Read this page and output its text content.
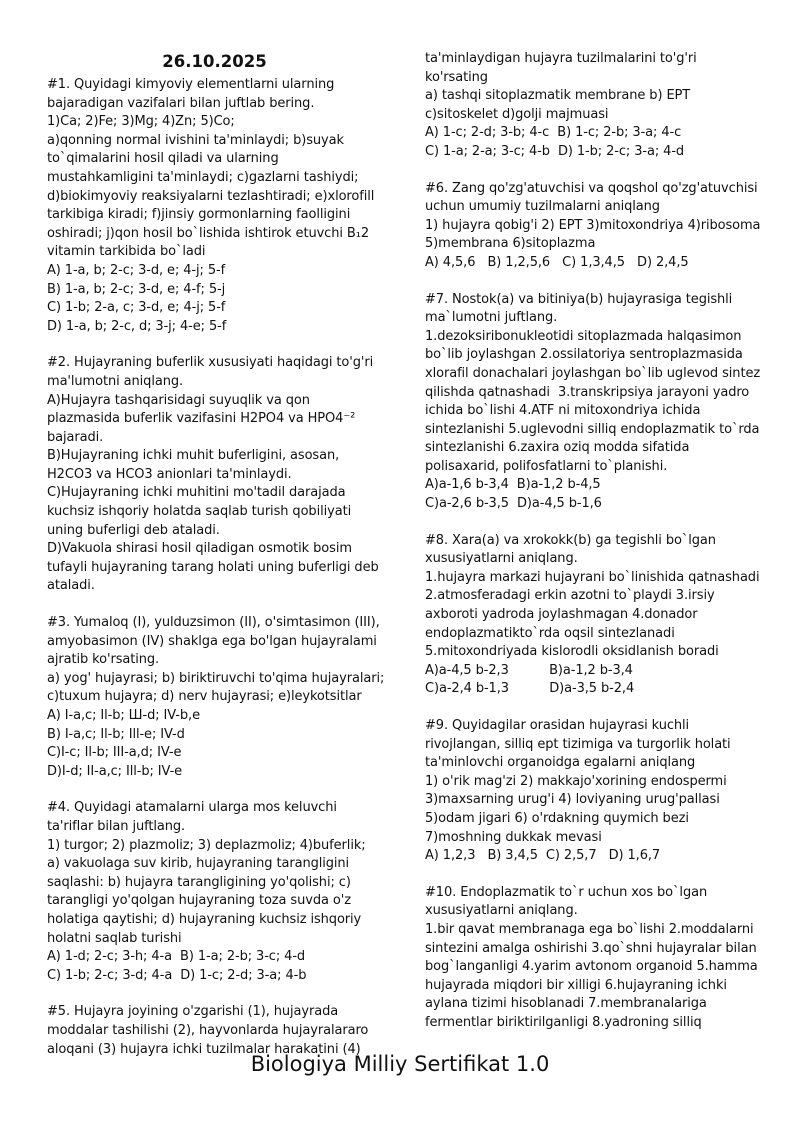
26.10.2025
#1. Quyidagi kimyoviy elementlarni ularning
bajaradigan vazifalari bilan juftlab bering.
1)Ca; 2)Fe; 3)Mg; 4)Zn; 5)Co;
a)qonning normal ivishini ta'minlaydi; b)suyak
to`qimalarini hosil qiladi va ularning
mustahkamligini ta'minlaydi; c)gazlarni tashiydi;
d)biokimyoviy reaksiyalarni tezlashtiradi; e)xlorofill
tarkibiga kiradi; f)jinsiy gormonlarning faolligini
oshiradi; j)qon hosil bo`lishida ishtirok etuvchi B₁2
vitamin tarkibida bo`ladi
A) 1-a, b; 2-c; 3-d, e; 4-j; 5-f
B) 1-a, b; 2-c; 3-d, e; 4-f; 5-j
C) 1-b; 2-a, c; 3-d, e; 4-j; 5-f
D) 1-a, b; 2-c, d; 3-j; 4-e; 5-f
#2. Hujayraning buferlik xususiyati haqidagi to'g'ri
ma'lumotni aniqlang.
A)Hujayra tashqarisidagi suyuqlik va qon
plazmasida buferlik vazifasini H2PO4 va HPO4⁻²
bajaradi.
B)Hujayraning ichki muhit buferligini, asosan,
H2CO3 va HCO3 anionlari ta'minlaydi.
C)Hujayraning ichki muhitini mo'tadil darajada
kuchsiz ishqoriy holatda saqlab turish qobiliyati
uning buferligi deb ataladi.
D)Vakuola shirasi hosil qiladigan osmotik bosim
tufayli hujayraning tarang holati uning buferligi deb
ataladi.
#3. Yumaloq (I), yulduzsimon (II), o'simtasimon (III),
amyobasimon (IV) shaklga ega bo'lgan hujayralami
ajratib ko'rsating.
a) yog' hujayrasi; b) biriktiruvchi to'qima hujayralari;
c)tuxum hujayra; d) nerv hujayrasi; e)leykotsitlar
A) I-a,c; Il-b; Ш-d; IV-b,e
B) I-a,c; Il-b; Ill-e; IV-d
C)I-c; Il-b; III-a,d; IV-e
D)I-d; II-a,c; Ill-b; IV-e
#4. Quyidagi atamalarni ularga mos keluvchi
ta'riflar bilan juftlang.
1) turgor; 2) plazmoliz; 3) deplazmoliz; 4)buferlik;
a) vakuolaga suv kirib, hujayraning tarangligini
saqlashi: b) hujayra tarangligining yo'qolishi; c)
tarangligi yo'qolgan hujayraning toza suvda o'z
holatiga qaytishi; d) hujayraning kuchsiz ishqoriy
holatni saqlab turishi
A) 1-d; 2-c; 3-h; 4-a  B) 1-a; 2-b; 3-c; 4-d
C) 1-b; 2-c; 3-d; 4-a  D) 1-c; 2-d; 3-a; 4-b
#5. Hujayra joyining o'zgarishi (1), hujayrada
moddalar tashilishi (2), hayvonlarda hujayralararo
aloqani (3) hujayra ichki tuzilmalar harakatini (4)
ta'minlaydigan hujayra tuzilmalarini to'g'ri
ko'rsating
a) tashqi sitoplazmatik membrane b) EPT
c)sitoskelet d)golji majmuasi
A) 1-c; 2-d; 3-b; 4-c  B) 1-c; 2-b; 3-a; 4-c
C) 1-a; 2-a; 3-c; 4-b  D) 1-b; 2-c; 3-a; 4-d
#6. Zang qo'zg'atuvchisi va qoqshol qo'zg'atuvchisi
uchun umumiy tuzilmalarni aniqlang
1) hujayra qobig'i 2) EPT 3)mitoxondriya 4)ribosoma
5)membrana 6)sitoplazma
A) 4,5,6   B) 1,2,5,6   C) 1,3,4,5   D) 2,4,5
#7. Nostok(a) va bitiniya(b) hujayrasiga tegishli
ma`lumotni juftlang.
1.dezoksiribonukleotidi sitoplazmada halqasimon
bo`lib joylashgan 2.ossilatoriya sentroplazmasida
xlorafil donachalari joylashgan bo`lib uglevod sintez
qilishda qatnashadi  3.transkripsiya jarayoni yadro
ichida bo`lishi 4.ATF ni mitoxondriya ichida
sintezlanishi 5.uglevodni silliq endoplazmatik to`rda
sintezlanishi 6.zaxira oziq modda sifatida
polisaxarid, polifosfatlarni to`planishi.
A)a-1,6 b-3,4  B)a-1,2 b-4,5
C)a-2,6 b-3,5  D)a-4,5 b-1,6
#8. Xara(a) va xrokokk(b) ga tegishli bo`lgan
xususiyatlarni aniqlang.
1.hujayra markazi hujayrani bo`linishida qatnashadi
2.atmosferadagi erkin azotni to`playdi 3.irsiy
axboroti yadroda joylashmagan 4.donador
endoplazmatikto`rda oqsil sintezlanadi
5.mitoxondriyada kislorodli oksidlanish boradi
A)a-4,5 b-2,3          B)a-1,2 b-3,4
C)a-2,4 b-1,3          D)a-3,5 b-2,4
#9. Quyidagilar orasidan hujayrasi kuchli
rivojlangan, silliq ept tizimiga va turgorlik holati
ta'minlovchi organoidga egalarni aniqlang
1) o'rik mag'zi 2) makkajo'xorining endospermi
3)maxsarning urug'i 4) loviyaning urug'pallasi
5)odam jigari 6) o'rdakning quymich bezi
7)moshning dukkak mevasi
A) 1,2,3   B) 3,4,5  C) 2,5,7   D) 1,6,7
#10. Endoplazmatik to`r uchun xos bo`lgan
xususiyatlarni aniqlang.
1.bir qavat membranaga ega bo`lishi 2.moddalarni
sintezini amalga oshirishi 3.qo`shni hujayralar bilan
bog`langanligi 4.yarim avtonom organoid 5.hamma
hujayrada miqdori bir xilligi 6.hujayraning ichki
aylana tizimi hisoblanadi 7.membranalariga
fermentlar biriktirilganligi 8.yadroning silliq
Biologiya Milliy Sertifikat 1.0
